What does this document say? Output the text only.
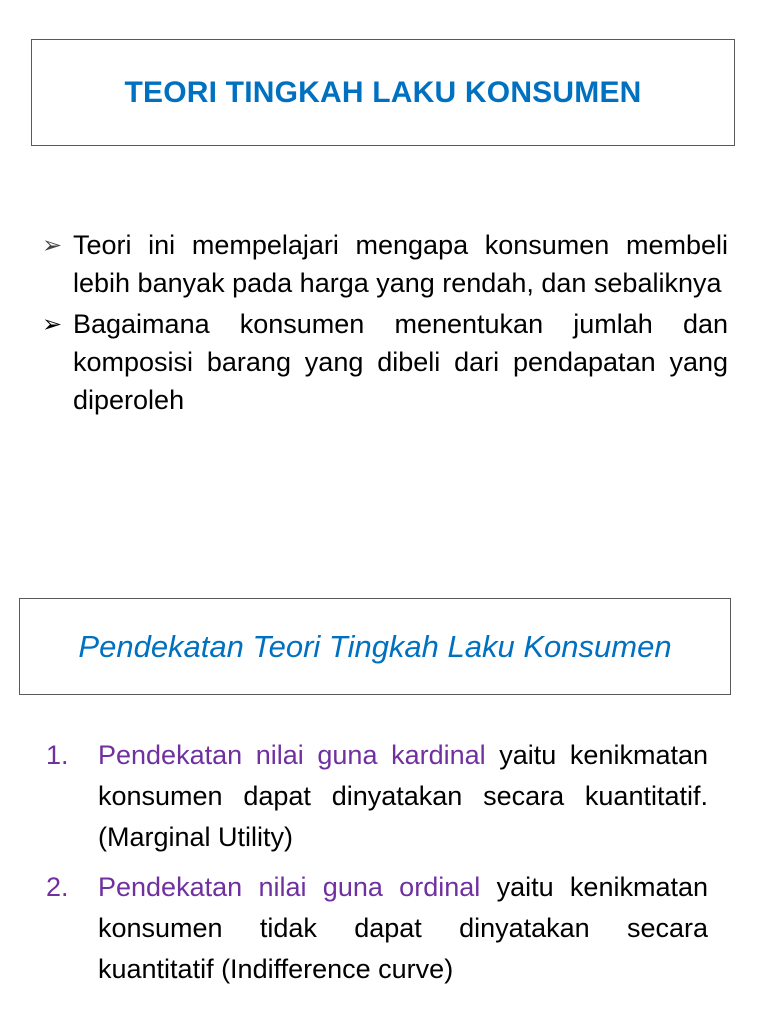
TEORI TINGKAH LAKU KONSUMEN
➢ Teori ini mempelajari mengapa konsumen membeli lebih banyak pada harga yang rendah, dan sebaliknya
➢ Bagaimana konsumen menentukan jumlah dan komposisi barang yang dibeli dari pendapatan yang diperoleh
Pendekatan Teori Tingkah Laku Konsumen
1. Pendekatan nilai guna kardinal yaitu kenikmatan konsumen dapat dinyatakan secara kuantitatif. (Marginal Utility)
2. Pendekatan nilai guna ordinal yaitu kenikmatan konsumen tidak dapat dinyatakan secara kuantitatif (Indifference curve)
